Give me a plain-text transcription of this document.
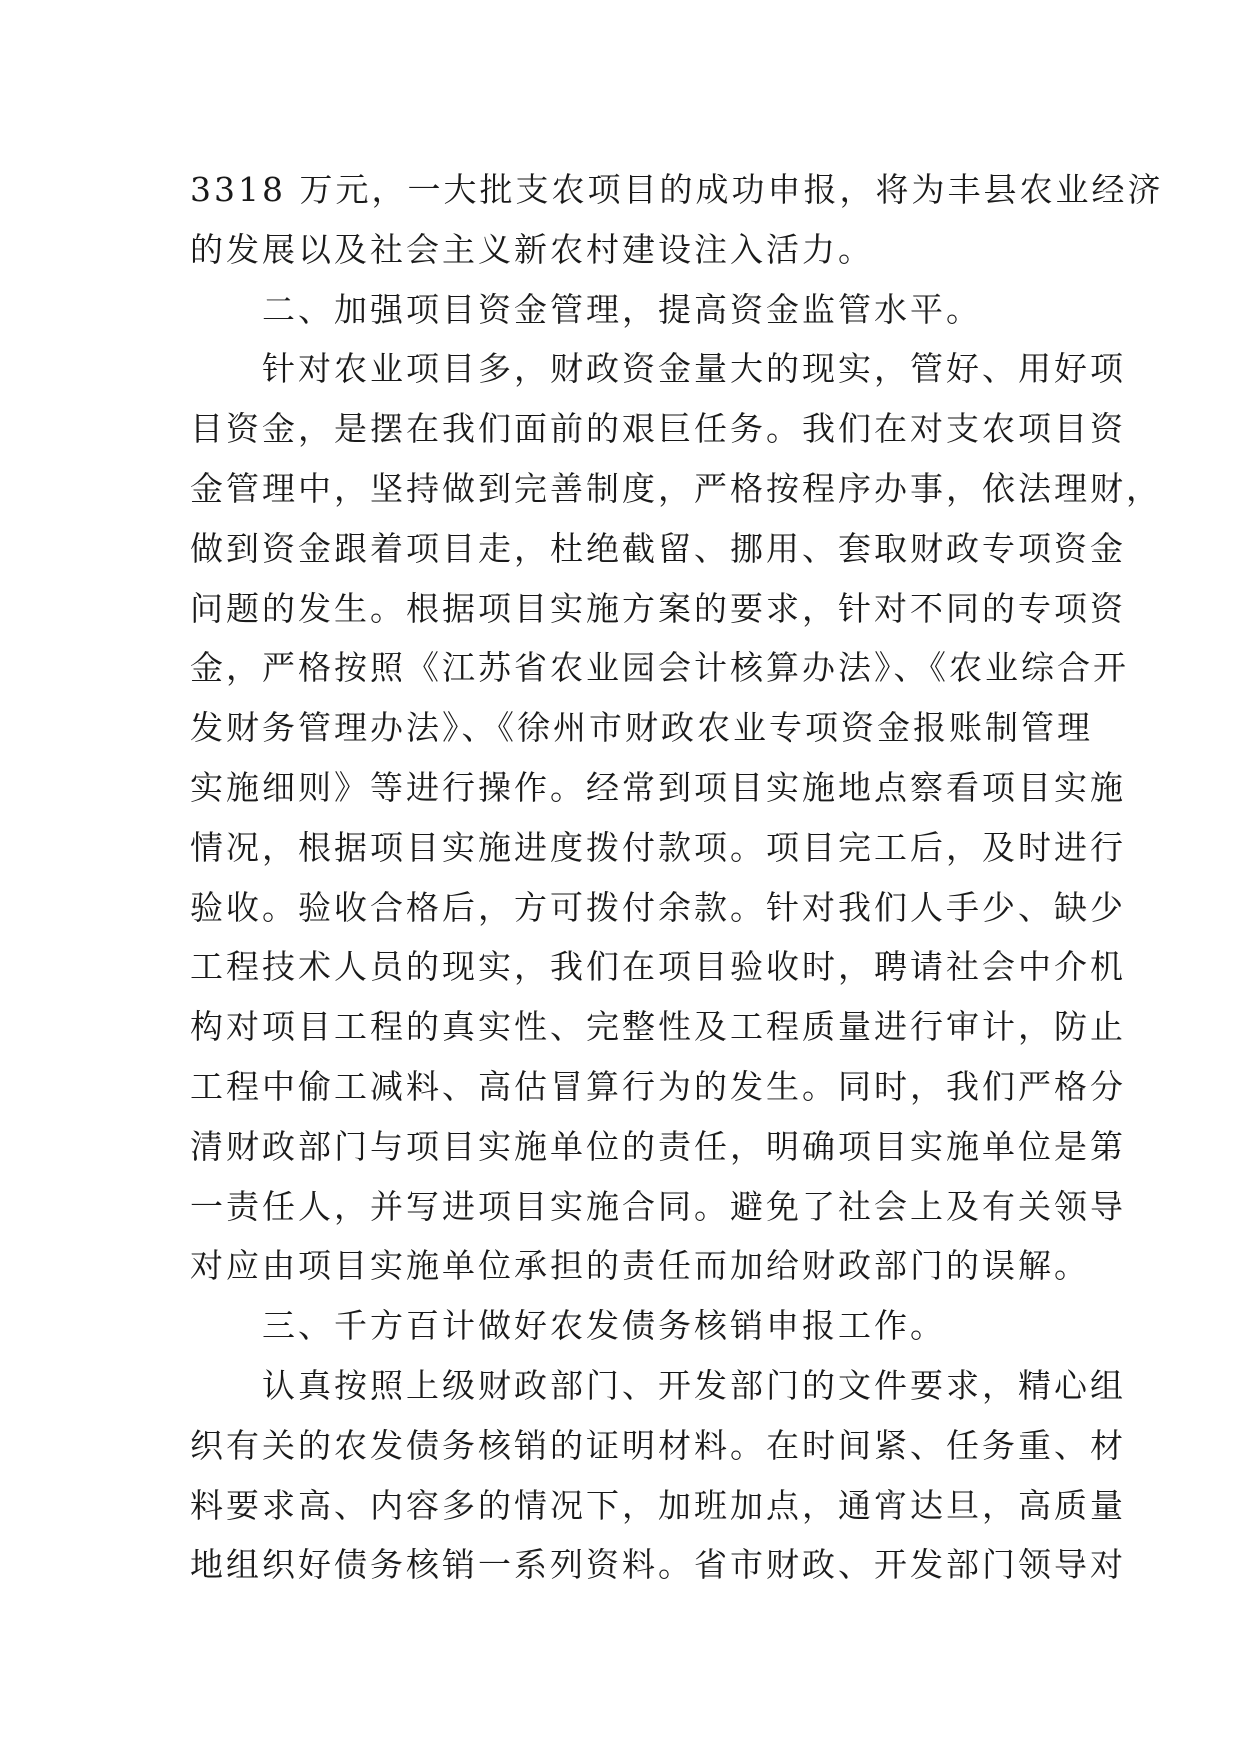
3318 万元，一大批支农项目的成功申报，将为丰县农业经济
的发展以及社会主义新农村建设注入活力。
二、加强项目资金管理，提高资金监管水平。
针对农业项目多，财政资金量大的现实，管好、用好项
目资金，是摆在我们面前的艰巨任务。我们在对支农项目资
金管理中，坚持做到完善制度，严格按程序办事，依法理财，
做到资金跟着项目走，杜绝截留、挪用、套取财政专项资金
问题的发生。根据项目实施方案的要求，针对不同的专项资
金，严格按照《江苏省农业园会计核算办法》、《农业综合开
发财务管理办法》、《徐州市财政农业专项资金报账制管理
实施细则》等进行操作。经常到项目实施地点察看项目实施
情况，根据项目实施进度拨付款项。项目完工后，及时进行
验收。验收合格后，方可拨付余款。针对我们人手少、缺少
工程技术人员的现实，我们在项目验收时，聘请社会中介机
构对项目工程的真实性、完整性及工程质量进行审计，防止
工程中偷工减料、高估冒算行为的发生。同时，我们严格分
清财政部门与项目实施单位的责任，明确项目实施单位是第
一责任人，并写进项目实施合同。避免了社会上及有关领导
对应由项目实施单位承担的责任而加给财政部门的误解。
三、千方百计做好农发债务核销申报工作。
认真按照上级财政部门、开发部门的文件要求，精心组
织有关的农发债务核销的证明材料。在时间紧、任务重、材
料要求高、内容多的情况下，加班加点，通宵达旦，高质量
地组织好债务核销一系列资料。省市财政、开发部门领导对
